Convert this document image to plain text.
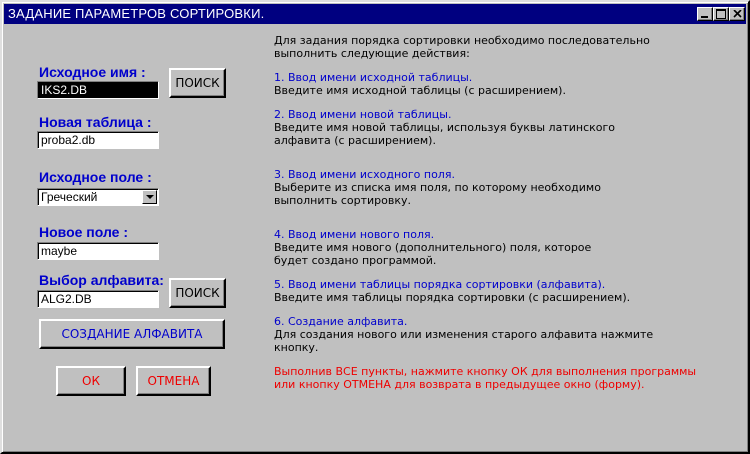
ЗАДАНИЕ ПАРАМЕТРОВ СОРТИРОВКИ.
Исходное имя :
IKS2.DB	ПОИСК
Новая таблица :
proba2.db
Исходное поле :
Греческий
Новое поле :
maybe
Выбор алфавита:
ALG2.DB	ПОИСК
СОЗДАНИЕ АЛФАВИТА
ОК	ОТМЕНА
Для задания порядка сортировки необходимо последовательно
выполнить следующие действия:
1. Ввод имени исходной таблицы.
Введите имя исходной таблицы (с расширением).
2. Ввод имени новой таблицы.
Введите имя новой таблицы, используя буквы латинского
алфавита (с расширением).
3. Ввод имени исходного поля.
Выберите из списка имя поля, по которому необходимо
выполнить сортировку.
4. Ввод имени нового поля.
Введите имя нового (дополнительного) поля, которое
будет создано программой.
5. Ввод имени таблицы порядка сортировки (алфавита).
Введите имя таблицы порядка сортировки (с расширением).
6. Создание алфавита.
Для создания нового или изменения старого алфавита нажмите
кнопку.
Выполнив ВСЕ пункты, нажмите кнопку ОК для выполнения программы
или кнопку ОТМЕНА для возврата в предыдущее окно (форму).
